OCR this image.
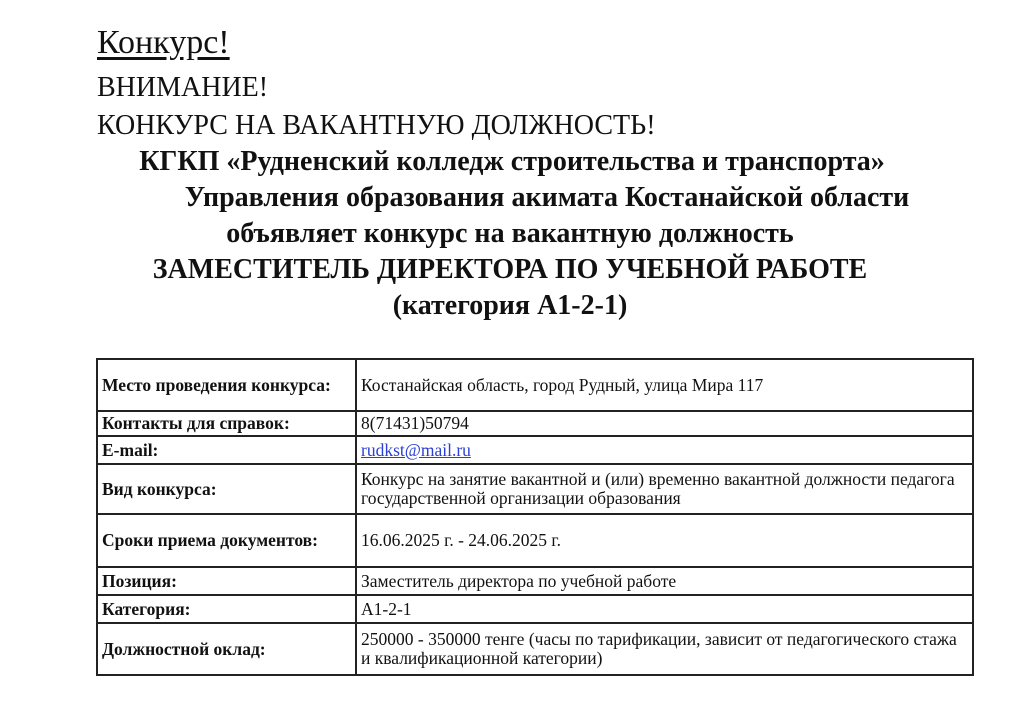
Конкурс!
ВНИМАНИЕ!
КОНКУРС НА ВАКАНТНУЮ ДОЛЖНОСТЬ!
КГКП «Рудненский колледж строительства и транспорта»
Управления образования акимата Костанайской области
объявляет конкурс на вакантную должность
ЗАМЕСТИТЕЛЬ ДИРЕКТОРА ПО УЧЕБНОЙ РАБОТЕ
(категория А1-2-1)
Место проведения конкурса:	Костанайская область, город Рудный, улица Мира 117
Контакты для справок:	8(71431)50794
E-mail:	rudkst@mail.ru
Вид конкурса:	Конкурс на занятие вакантной и (или) временно вакантной должности педагога государственной организации образования
Сроки приема документов:	16.06.2025 г. - 24.06.2025 г.
Позиция:	Заместитель директора по учебной работе
Категория:	А1-2-1
Должностной оклад:	250000 - 350000 тенге (часы по тарификации, зависит от педагогического стажа и квалификационной категории)
